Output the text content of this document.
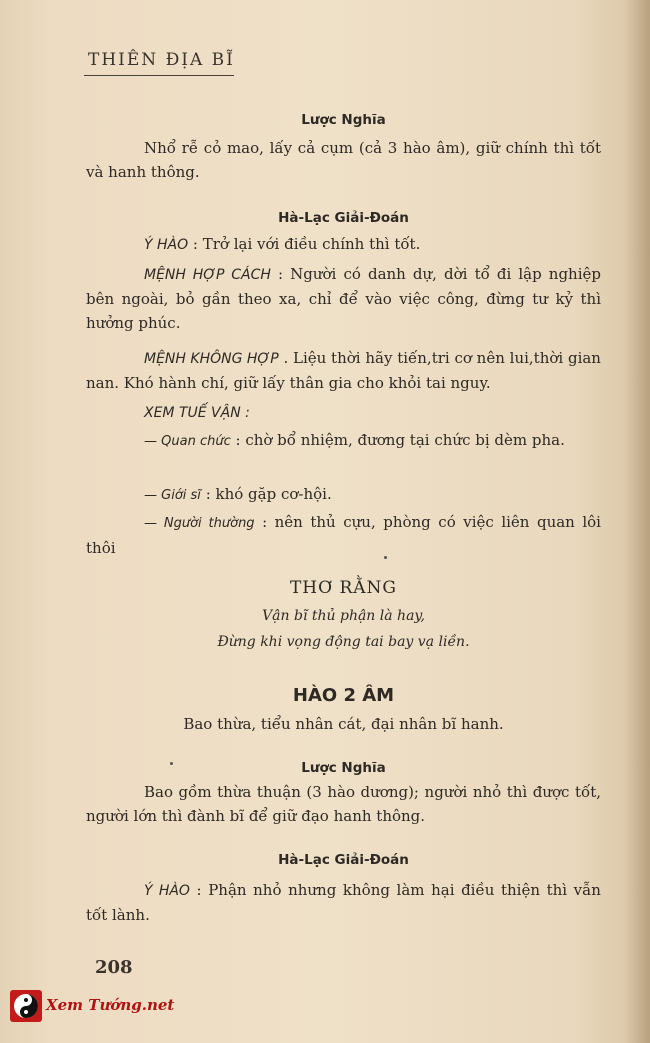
THIÊN ĐỊA BĨ
Lược Nghĩa
Nhổ rễ cỏ mao, lấy cả cụm (cả 3 hào âm), giữ chính thì tốt và hanh thông.
Hà-Lạc Giải-Đoán
Ý HÀO : Trở lại với điều chính thì tốt.
MỆNH HỢP CÁCH : Người có danh dự, dời tổ đi lập nghiệp bên ngoài, bỏ gần theo xa, chỉ để vào việc công, đừng tư kỷ thì hưởng phúc.
MỆNH KHÔNG HỢP . Liệu thời hãy tiến,tri cơ nên lui,thời gian nan. Khó hành chí, giữ lấy thân gia cho khỏi tai nguy.
XEM TUẾ VẬN :
— Quan chức : chờ bổ nhiệm, đương tại chức bị dèm pha.
— Giới sĩ : khó gặp cơ-hội.
— Người thường : nên thủ cựu, phòng có việc liên quan lôi thôi
THƠ RẰNG
Vận bĩ thủ phận là hay,
Đừng khi vọng động tai bay vạ liền.
HÀO 2 ÂM
Bao thừa, tiểu nhân cát, đại nhân bĩ hanh.
Lược Nghĩa
Bao gồm thừa thuận (3 hào dương); người nhỏ thì được tốt, người lớn thì đành bĩ để giữ đạo hanh thông.
Hà-Lạc Giải-Đoán
Ý HÀO : Phận nhỏ nhưng không làm hại điều thiện thì vẫn tốt lành.
208
Xem Tướng.net
